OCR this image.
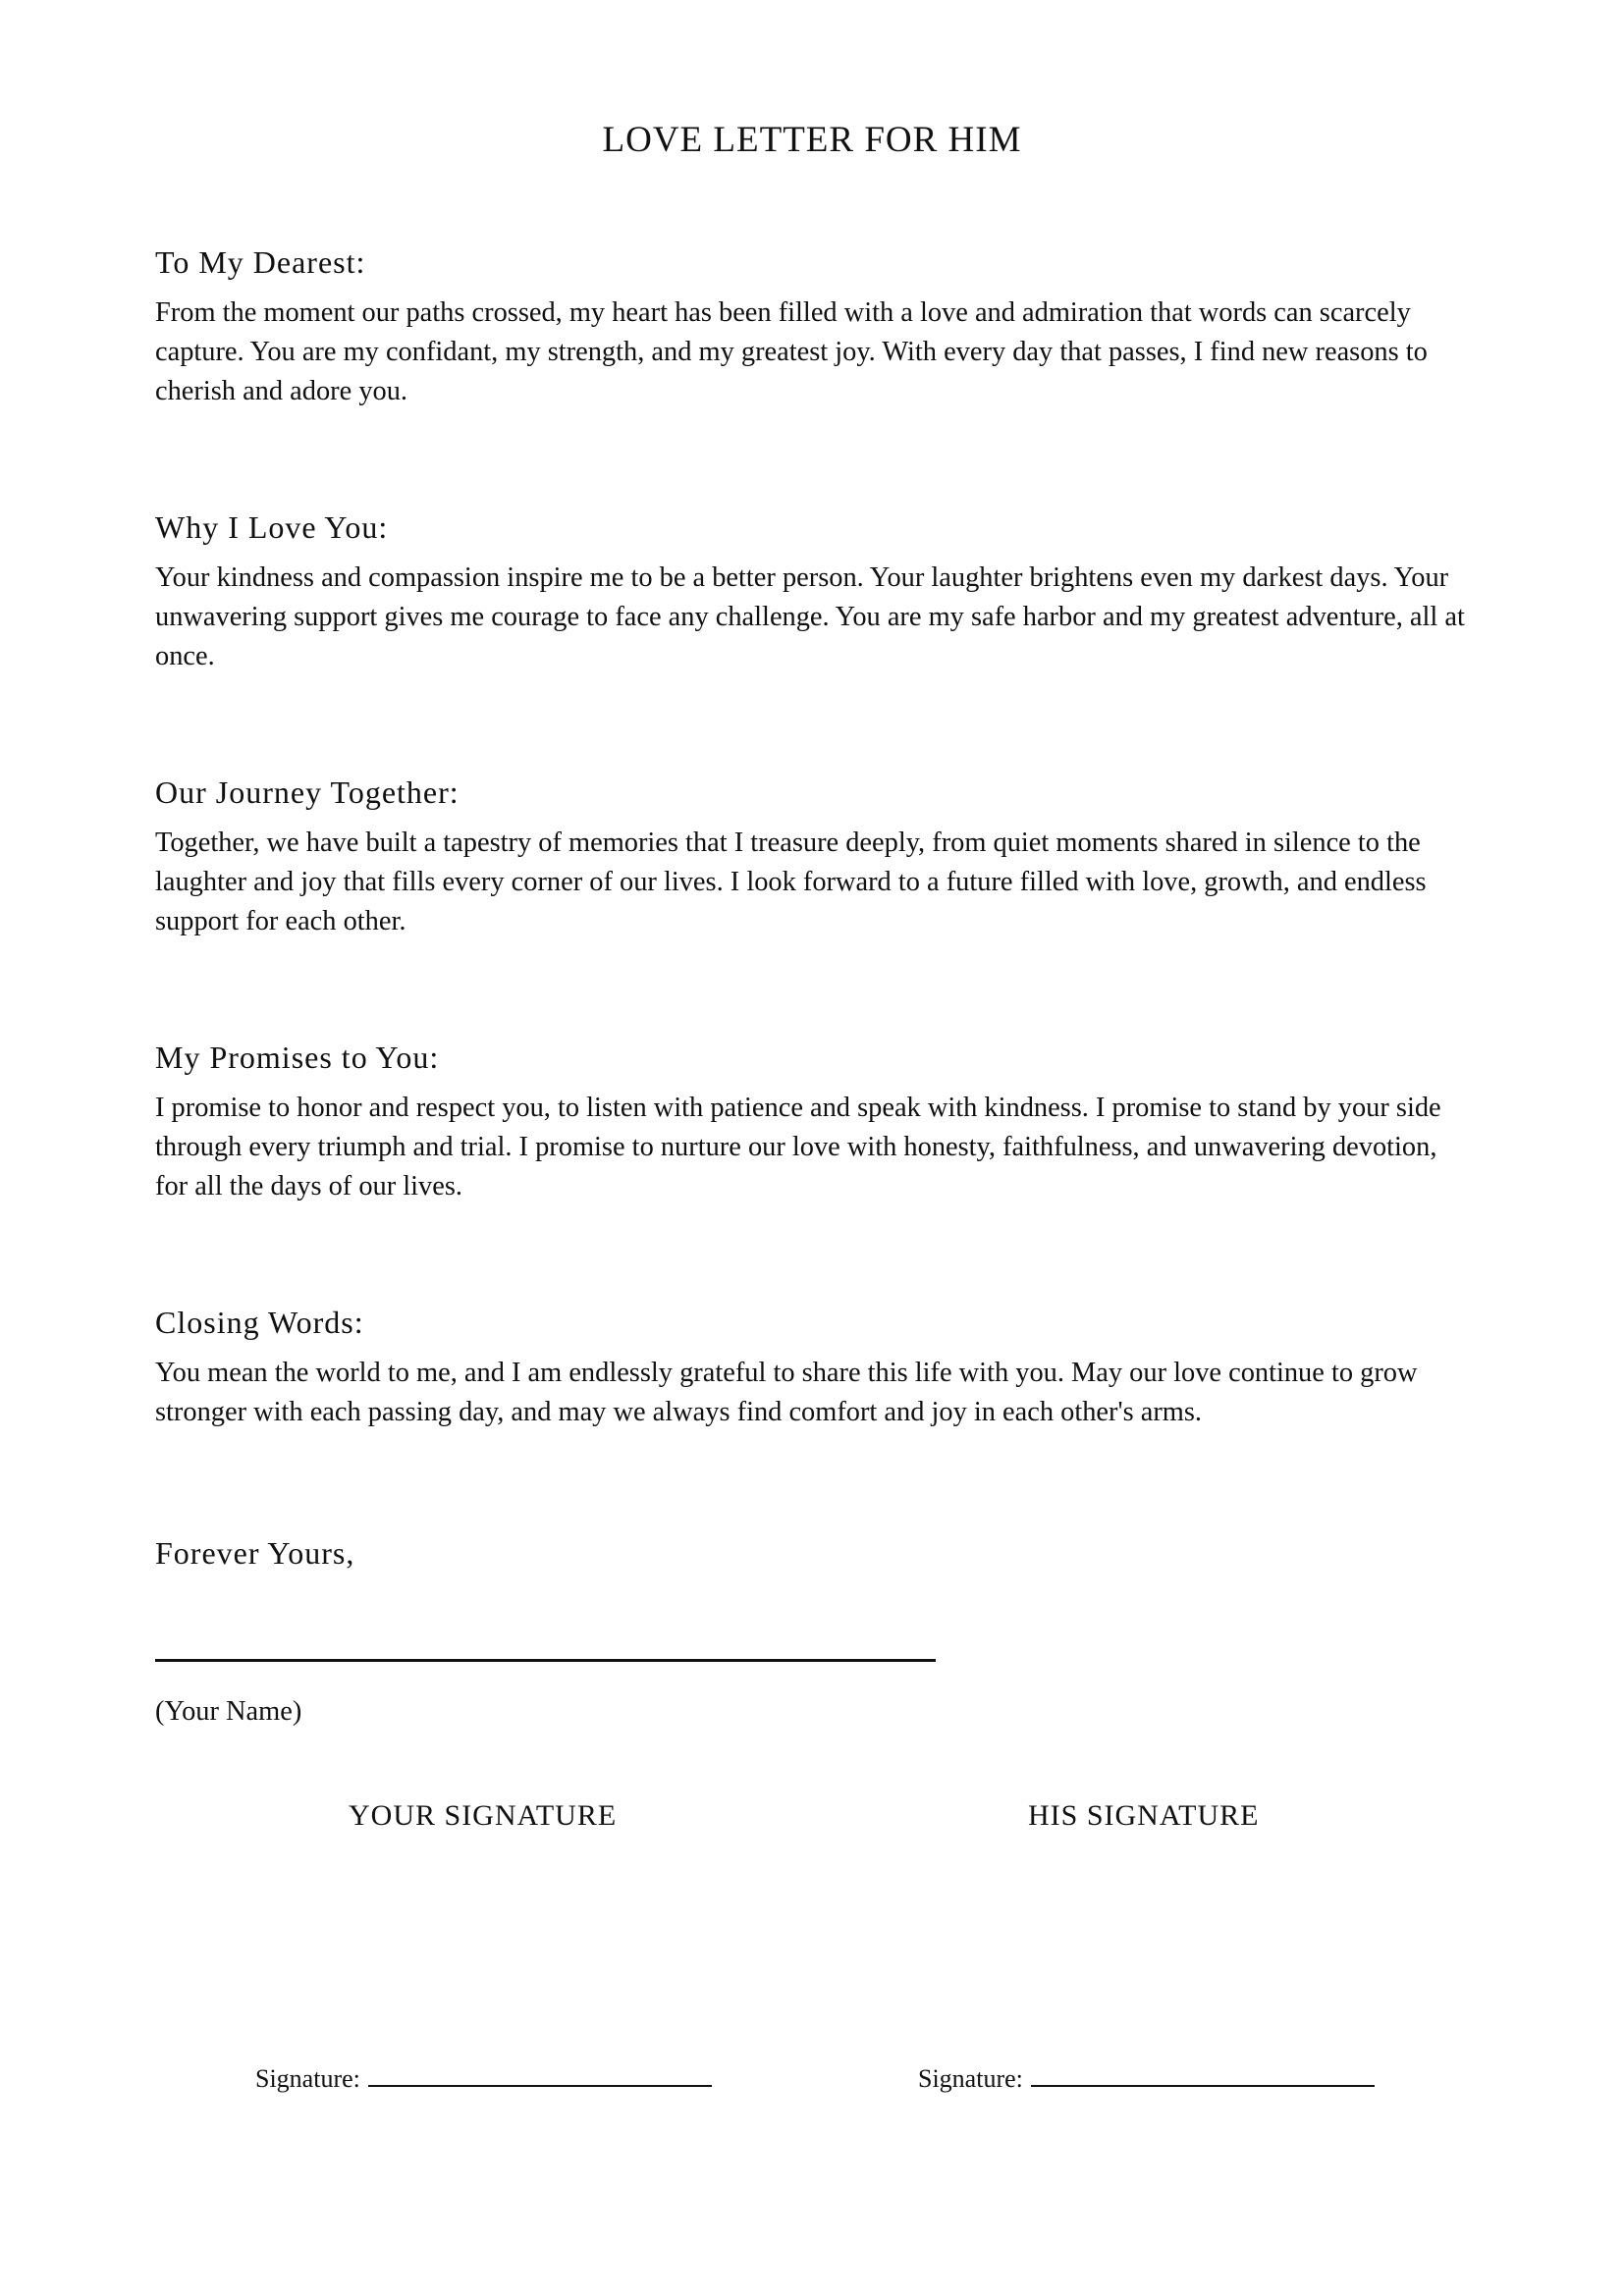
LOVE LETTER FOR HIM
To My Dearest:

From the moment our paths crossed, my heart has been filled with a love and admiration that words can scarcely capture. You are my confidant, my strength, and my greatest joy. With every day that passes, I find new reasons to cherish and adore you.

Why I Love You:

Your kindness and compassion inspire me to be a better person. Your laughter brightens even my darkest days. Your unwavering support gives me courage to face any challenge. You are my safe harbor and my greatest adventure, all at once.

Our Journey Together:

Together, we have built a tapestry of memories that I treasure deeply, from quiet moments shared in silence to the laughter and joy that fills every corner of our lives. I look forward to a future filled with love, growth, and endless support for each other.

My Promises to You:

I promise to honor and respect you, to listen with patience and speak with kindness. I promise to stand by your side through every triumph and trial. I promise to nurture our love with honesty, faithfulness, and unwavering devotion, for all the days of our lives.

Closing Words:

You mean the world to me, and I am endlessly grateful to share this life with you. May our love continue to grow stronger with each passing day, and may we always find comfort and joy in each other's arms.

Forever Yours,
(Your Name)
YOUR SIGNATURE	HIS SIGNATURE
Signature:	Signature:
